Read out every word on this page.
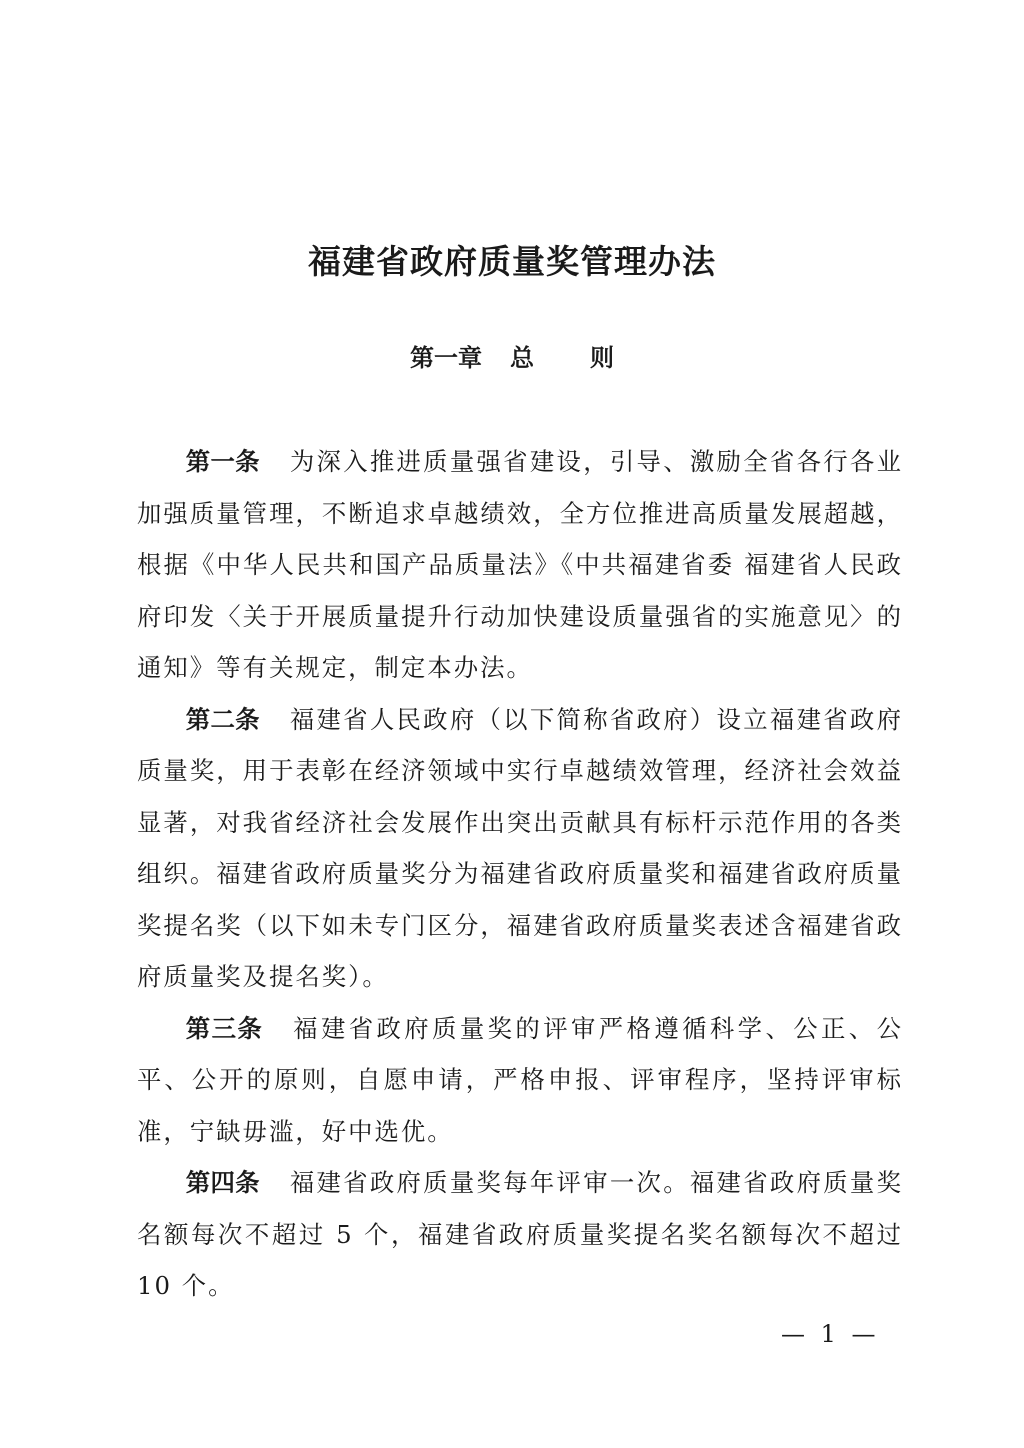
福建省政府质量奖管理办法
第一章 总 则

第一条 为深入推进质量强省建设，引导、激励全省各行各业加强质量管理，不断追求卓越绩效，全方位推进高质量发展超越，根据《中华人民共和国产品质量法》《中共福建省委 福建省人民政府印发〈关于开展质量提升行动加快建设质量强省的实施意见〉的通知》等有关规定，制定本办法。

第二条 福建省人民政府（以下简称省政府）设立福建省政府质量奖，用于表彰在经济领域中实行卓越绩效管理，经济社会效益显著，对我省经济社会发展作出突出贡献具有标杆示范作用的各类组织。福建省政府质量奖分为福建省政府质量奖和福建省政府质量奖提名奖（以下如未专门区分，福建省政府质量奖表述含福建省政府质量奖及提名奖）。

第三条 福建省政府质量奖的评审严格遵循科学、公正、公平、公开的原则，自愿申请，严格申报、评审程序，坚持评审标准，宁缺毋滥，好中选优。

第四条 福建省政府质量奖每年评审一次。福建省政府质量奖名额每次不超过 5 个，福建省政府质量奖提名奖名额每次不超过 10 个。

— 1 —
